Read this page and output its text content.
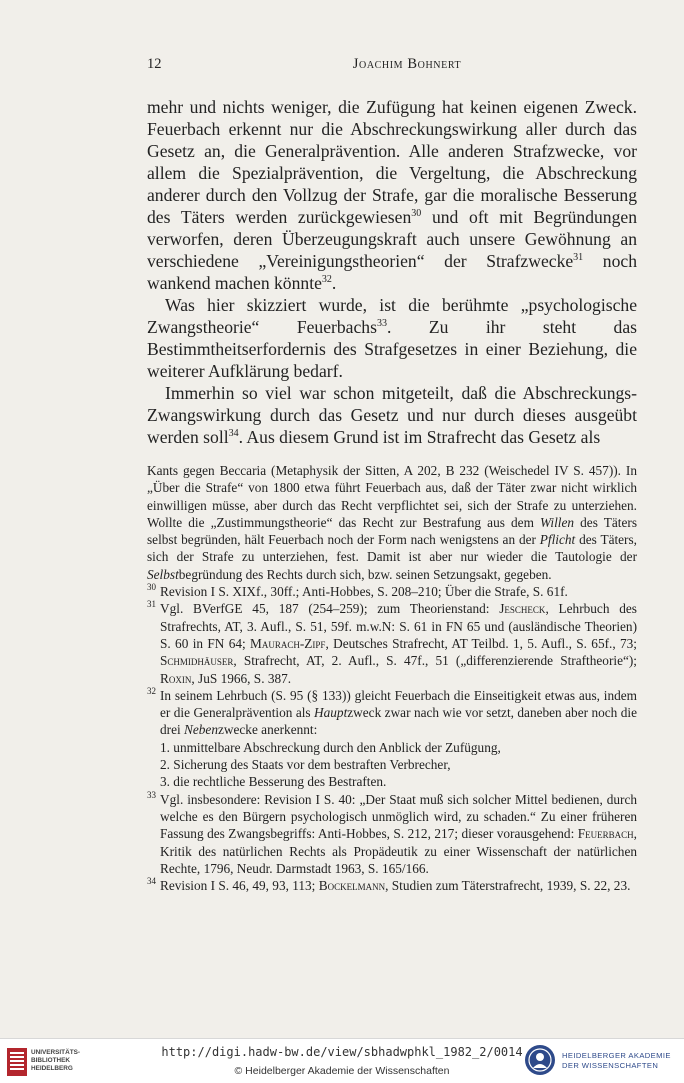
12	Joachim Bohnert

mehr und nichts weniger, die Zufügung hat keinen eigenen Zweck. Feuerbach erkennt nur die Abschreckungswirkung aller durch das Gesetz an, die Generalprävention. Alle anderen Strafzwecke, vor allem die Spezialprävention, die Vergeltung, die Abschreckung anderer durch den Vollzug der Strafe, gar die moralische Besserung des Täters werden zurückgewiesen$^{30}$ und oft mit Begründungen verworfen, deren Überzeugungskraft auch unsere Gewöhnung an verschiedene „Vereinigungstheorien“ der Strafzwecke$^{31}$ noch wankend machen könnte$^{32}$.

Was hier skizziert wurde, ist die berühmte „psychologische Zwangstheorie“ Feuerbachs$^{33}$. Zu ihr steht das Bestimmtheitserfordernis des Strafgesetzes in einer Beziehung, die weiterer Aufklärung bedarf.

Immerhin so viel war schon mitgeteilt, daß die Abschreckungs-Zwangswirkung durch das Gesetz und nur durch dieses ausgeübt werden soll$^{34}$. Aus diesem Grund ist im Strafrecht das Gesetz als

Kants gegen Beccaria (Metaphysik der Sitten, A 202, B 232 (Weischedel IV S. 457)). In „Über die Strafe“ von 1800 etwa führt Feuerbach aus, daß der Täter zwar nicht wirklich einwilligen müsse, aber durch das Recht verpflichtet sei, sich der Strafe zu unterziehen. Wollte die „Zustimmungstheorie“ das Recht zur Bestrafung aus dem Willen des Täters selbst begründen, hält Feuerbach noch der Form nach wenigstens an der Pflicht des Täters, sich der Strafe zu unterziehen, fest. Damit ist aber nur wieder die Tautologie der Selbstbegründung des Rechts durch sich, bzw. seinen Setzungsakt, gegeben.

30 Revision I S. XIXf., 30ff.; Anti-Hobbes, S. 208–210; Über die Strafe, S. 61f.

31 Vgl. BVerfGE 45, 187 (254–259); zum Theorienstand: Jescheck, Lehrbuch des Strafrechts, AT, 3. Aufl., S. 51, 59f. m.w.N: S. 61 in FN 65 und (ausländische Theorien) S. 60 in FN 64; Maurach-Zipf, Deutsches Strafrecht, AT Teilbd. 1, 5. Aufl., S. 65f., 73; Schmidhäuser, Strafrecht, AT, 2. Aufl., S. 47f., 51 („differenzierende Straftheorie“); Roxin, JuS 1966, S. 387.

32 In seinem Lehrbuch (S. 95 (§ 133)) gleicht Feuerbach die Einseitigkeit etwas aus, indem er die Generalprävention als Hauptzweck zwar nach wie vor setzt, daneben aber noch die drei Nebenzwecke anerkennt:

1. unmittelbare Abschreckung durch den Anblick der Zufügung,

2. Sicherung des Staats vor dem bestraften Verbrecher,

3. die rechtliche Besserung des Bestraften.

33 Vgl. insbesondere: Revision I S. 40: „Der Staat muß sich solcher Mittel bedienen, durch welche es den Bürgern psychologisch unmöglich wird, zu schaden.“ Zu einer früheren Fassung des Zwangsbegriffs: Anti-Hobbes, S. 212, 217; dieser vorausgehend: Feuerbach, Kritik des natürlichen Rechts als Propädeutik zu einer Wissenschaft der natürlichen Rechte, 1796, Neudr. Darmstadt 1963, S. 165/166.

34 Revision I S. 46, 49, 93, 113; Bockelmann, Studien zum Täterstrafrecht, 1939, S. 22, 23.

UNIVERSITÄTS-
BIBLIOTHEK
HEIDELBERG
http://digi.hadw-bw.de/view/sbhadwphkl_1982_2/0014
© Heidelberger Akademie der Wissenschaften
HEIDELBERGER AKADEMIE
DER WISSENSCHAFTEN
